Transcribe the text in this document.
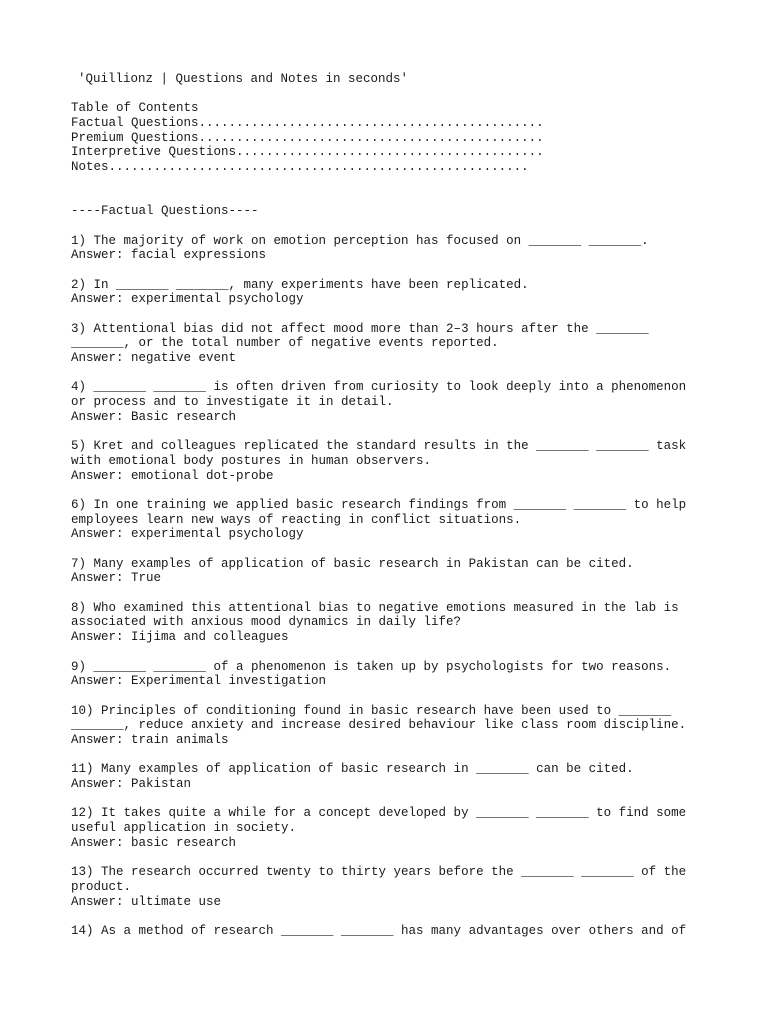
'Quillionz | Questions and Notes in seconds'
Table of Contents
Factual Questions..............................................
Premium Questions..............................................
Interpretive Questions.........................................
Notes........................................................
----Factual Questions----
1) The majority of work on emotion perception has focused on _______ _______.
Answer: facial expressions
2) In _______ _______, many experiments have been replicated.
Answer: experimental psychology
3) Attentional bias did not affect mood more than 2–3 hours after the _______
_______, or the total number of negative events reported.
Answer: negative event
4) _______ _______ is often driven from curiosity to look deeply into a phenomenon
or process and to investigate it in detail.
Answer: Basic research
5) Kret and colleagues replicated the standard results in the _______ _______ task
with emotional body postures in human observers.
Answer: emotional dot-probe
6) In one training we applied basic research findings from _______ _______ to help
employees learn new ways of reacting in conflict situations.
Answer: experimental psychology
7) Many examples of application of basic research in Pakistan can be cited.
Answer: True
8) Who examined this attentional bias to negative emotions measured in the lab is
associated with anxious mood dynamics in daily life?
Answer: Iijima and colleagues
9) _______ _______ of a phenomenon is taken up by psychologists for two reasons.
Answer: Experimental investigation
10) Principles of conditioning found in basic research have been used to _______
_______, reduce anxiety and increase desired behaviour like class room discipline.
Answer: train animals
11) Many examples of application of basic research in _______ can be cited.
Answer: Pakistan
12) It takes quite a while for a concept developed by _______ _______ to find some
useful application in society.
Answer: basic research
13) The research occurred twenty to thirty years before the _______ _______ of the
product.
Answer: ultimate use
14) As a method of research _______ _______ has many advantages over others and of
